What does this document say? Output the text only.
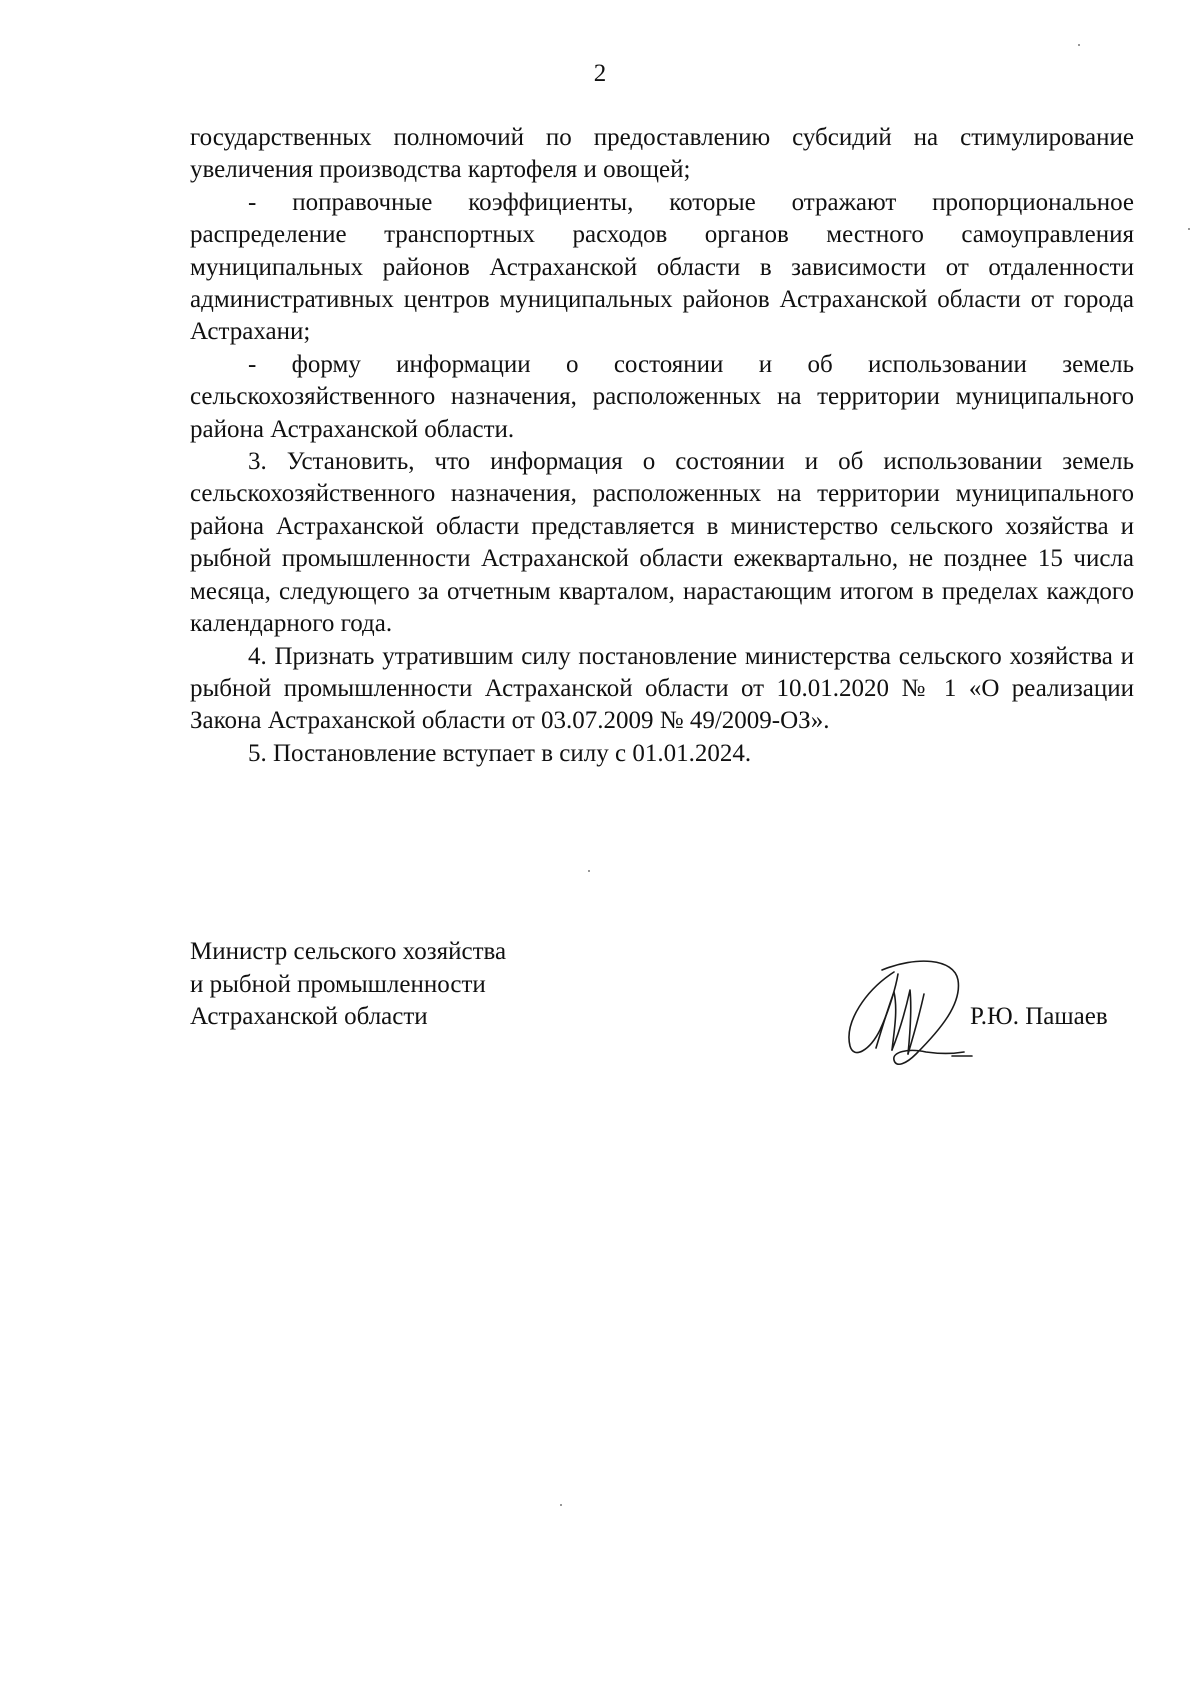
2

государственных полномочий по предоставлению субсидий на стимулирование увеличения производства картофеля и овощей;

- поправочные коэффициенты, которые отражают пропорциональное распределение транспортных расходов органов местного самоуправления муниципальных районов Астраханской области в зависимости от отдаленности административных центров муниципальных районов Астраханской области от города Астрахани;

- форму информации о состоянии и об использовании земель сельскохозяйственного назначения, расположенных на территории муниципального района Астраханской области.

3. Установить, что информация о состоянии и об использовании земель сельскохозяйственного назначения, расположенных на территории муниципального района Астраханской области представляется в министерство сельского хозяйства и рыбной промышленности Астраханской области ежеквартально, не позднее 15 числа месяца, следующего за отчетным кварталом, нарастающим итогом в пределах каждого календарного года.

4. Признать утратившим силу постановление министерства сельского хозяйства и рыбной промышленности Астраханской области от 10.01.2020 № 1 «О реализации Закона Астраханской области от 03.07.2009 № 49/2009-ОЗ».

5. Постановление вступает в силу с 01.01.2024.

Министр сельского хозяйства
и рыбной промышленности
Астраханской области	Р.Ю. Пашаев
